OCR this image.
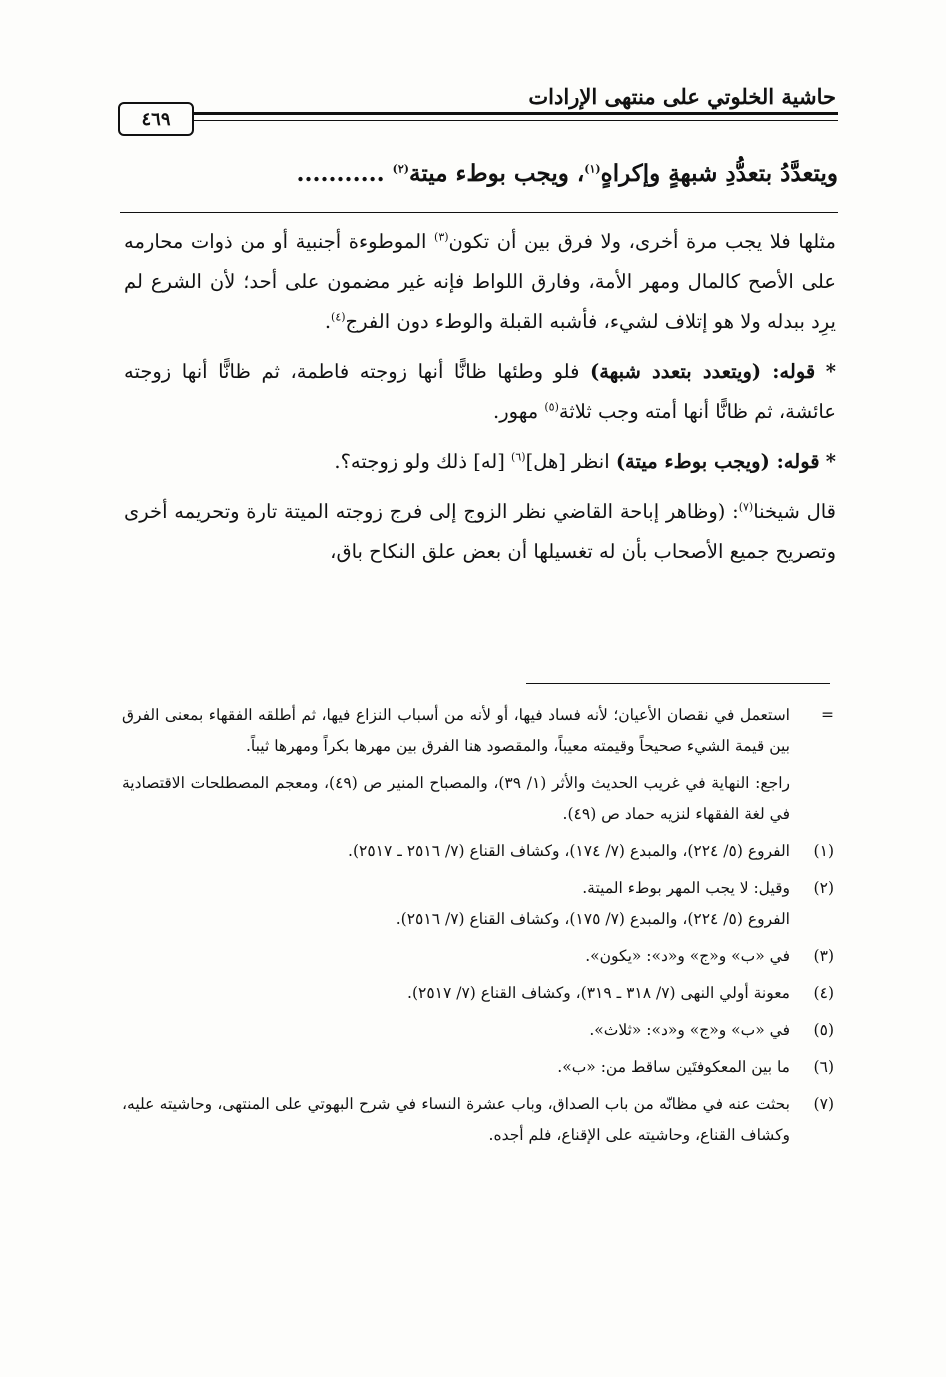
حاشية الخلوتي على منتهى الإرادات
٤٦٩
ويتعدَّدُ بتعدُّدِ شبهةٍ وإكراهٍ$^{(١)}$، ويجب بوطء ميتة$^{(٢)}$ ...........

مثلها فلا يجب مرة أخرى، ولا فرق بين أن تكون$^{(٣)}$ الموطوءة أجنبية أو من ذوات محارمه على الأصح كالمال ومهر الأمة، وفارق اللواط فإنه غير مضمون على أحد؛ لأن الشرع لم يرِد ببدله ولا هو إتلاف لشيء، فأشبه القبلة والوطء دون الفرج$^{(٤)}$.

* قوله: (ويتعدد بتعدد شبهة) فلو وطئها ظانًّا أنها زوجته فاطمة، ثم ظانًّا أنها زوجته عائشة، ثم ظانًّا أنها أمته وجب ثلاثة$^{(٥)}$ مهور.

* قوله: (ويجب بوطء ميتة) انظر [هل]$^{(٦)}$ [له] ذلك ولو زوجته؟.

قال شيخنا$^{(٧)}$: (وظاهر إباحة القاضي نظر الزوج إلى فرج زوجته الميتة تارة وتحريمه أخرى وتصريح جميع الأصحاب بأن له تغسيلها أن بعض علق النكاح باق،

=
استعمل في نقصان الأعيان؛ لأنه فساد فيها، أو لأنه من أسباب النزاع فيها، ثم أطلقه الفقهاء بمعنى الفرق بين قيمة الشيء صحيحاً وقيمته معيباً، والمقصود هنا الفرق بين مهرها بكراً ومهرها ثيباً.
راجع: النهاية في غريب الحديث والأثر (١/ ٣٩)، والمصباح المنير ص (٤٩)، ومعجم المصطلحات الاقتصادية في لغة الفقهاء لنزيه حماد ص (٤٩).
(١)
الفروع (٥/ ٢٢٤)، والمبدع (٧/ ١٧٤)، وكشاف القناع (٧/ ٢٥١٦ ـ ٢٥١٧).
(٢)
وقيل: لا يجب المهر بوطء الميتة.
الفروع (٥/ ٢٢٤)، والمبدع (٧/ ١٧٥)، وكشاف القناع (٧/ ٢٥١٦).
(٣)
في «ب» و«ج» و«د»: «يكون».
(٤)
معونة أولي النهى (٧/ ٣١٨ ـ ٣١٩)، وكشاف القناع (٧/ ٢٥١٧).
(٥)
في «ب» و«ج» و«د»: «ثلاث».
(٦)
ما بين المعكوفتَين ساقط من: «ب».
(٧)
بحثت عنه في مظانّه من باب الصداق، وباب عشرة النساء في شرح البهوتي على المنتهى، وحاشيته عليه، وكشاف القناع، وحاشيته على الإقناع، فلم أجده.
